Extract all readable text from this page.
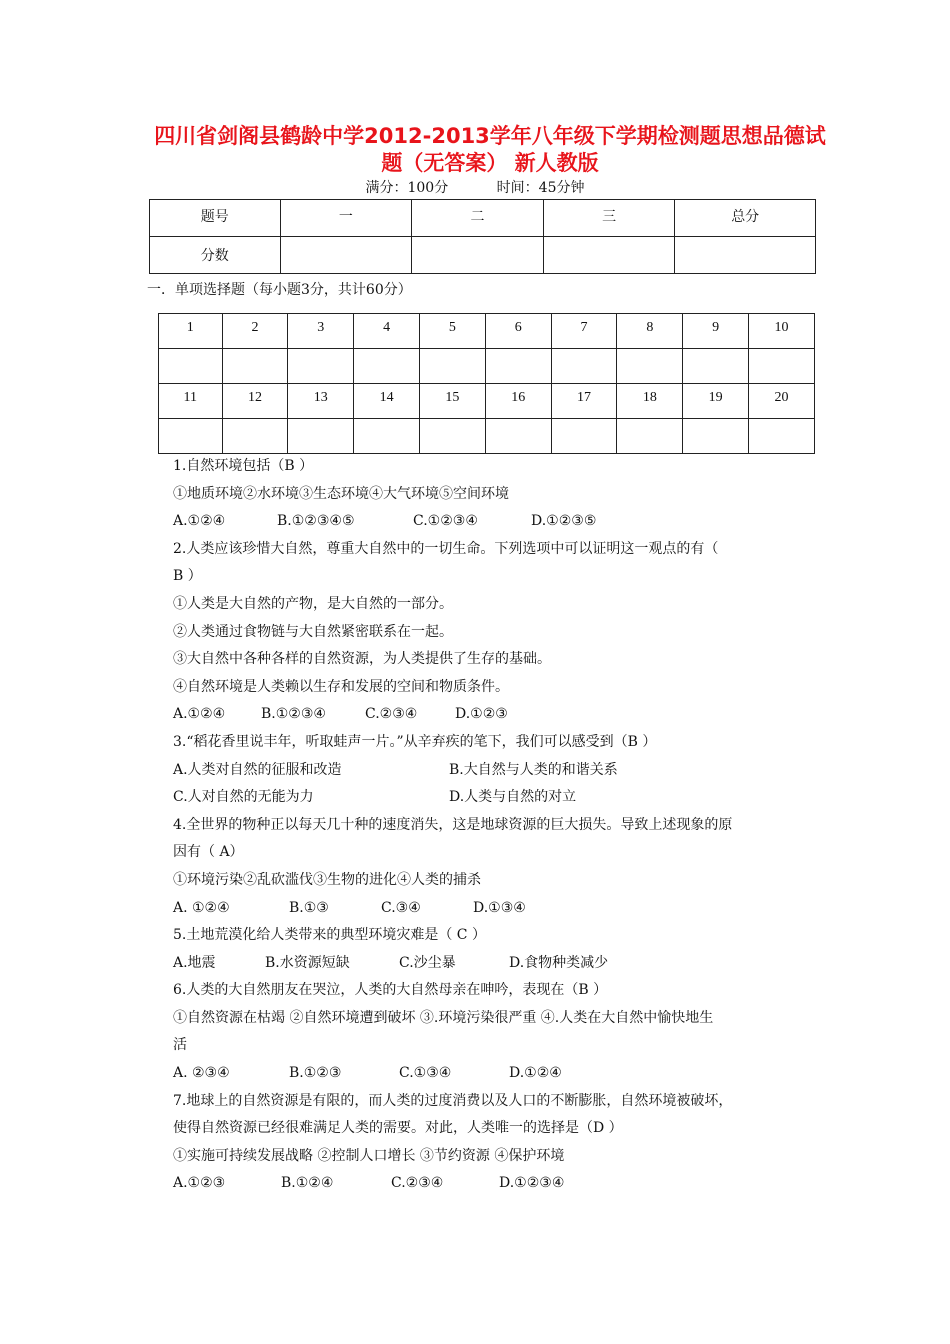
四川省剑阁县鹤龄中学2012-2013学年八年级下学期检测题思想品德试
题（无答案） 新人教版
满分：100分	时间：45分钟
题号	一	二	三	总分
分数				
一．单项选择题（每小题3分，共计60分）
1	2	3	4	5	6	7	8	9	10

11	12	13	14	15	16	17	18	19	20

1.自然环境包括（B ）
①地质环境②水环境③生态环境④大气环境⑤空间环境
A.①②④	B.①②③④⑤	C.①②③④	D.①②③⑤
2.人类应该珍惜大自然，尊重大自然中的一切生命。下列选项中可以证明这一观点的有（
B ）
①人类是大自然的产物，是大自然的一部分。
②人类通过食物链与大自然紧密联系在一起。
③大自然中各种各样的自然资源，为人类提供了生存的基础。
④自然环境是人类赖以生存和发展的空间和物质条件。
A.①②④	B.①②③④	C.②③④	D.①②③
3.“稻花香里说丰年，听取蛙声一片。”从辛弃疾的笔下，我们可以感受到（B ）
A.人类对自然的征服和改造	B.大自然与人类的和谐关系
C.人对自然的无能为力	D.人类与自然的对立
4.全世界的物种正以每天几十种的速度消失，这是地球资源的巨大损失。导致上述现象的原
因有（ A）
①环境污染②乱砍滥伐③生物的进化④人类的捕杀
A. ①②④	B.①③	C.③④	D.①③④
5.土地荒漠化给人类带来的典型环境灾难是（ C ）
A.地震	B.水资源短缺	C.沙尘暴	D.食物种类减少
6.人类的大自然朋友在哭泣，人类的大自然母亲在呻吟，表现在（B ）
①自然资源在枯竭 ②自然环境遭到破坏 ③.环境污染很严重 ④.人类在大自然中愉快地生
活
A. ②③④	B.①②③	C.①③④	D.①②④
7.地球上的自然资源是有限的，而人类的过度消费以及人口的不断膨胀，自然环境被破坏，
使得自然资源已经很难满足人类的需要。对此，人类唯一的选择是（D ）
①实施可持续发展战略 ②控制人口增长 ③节约资源 ④保护环境
A.①②③	B.①②④	C.②③④	D.①②③④
